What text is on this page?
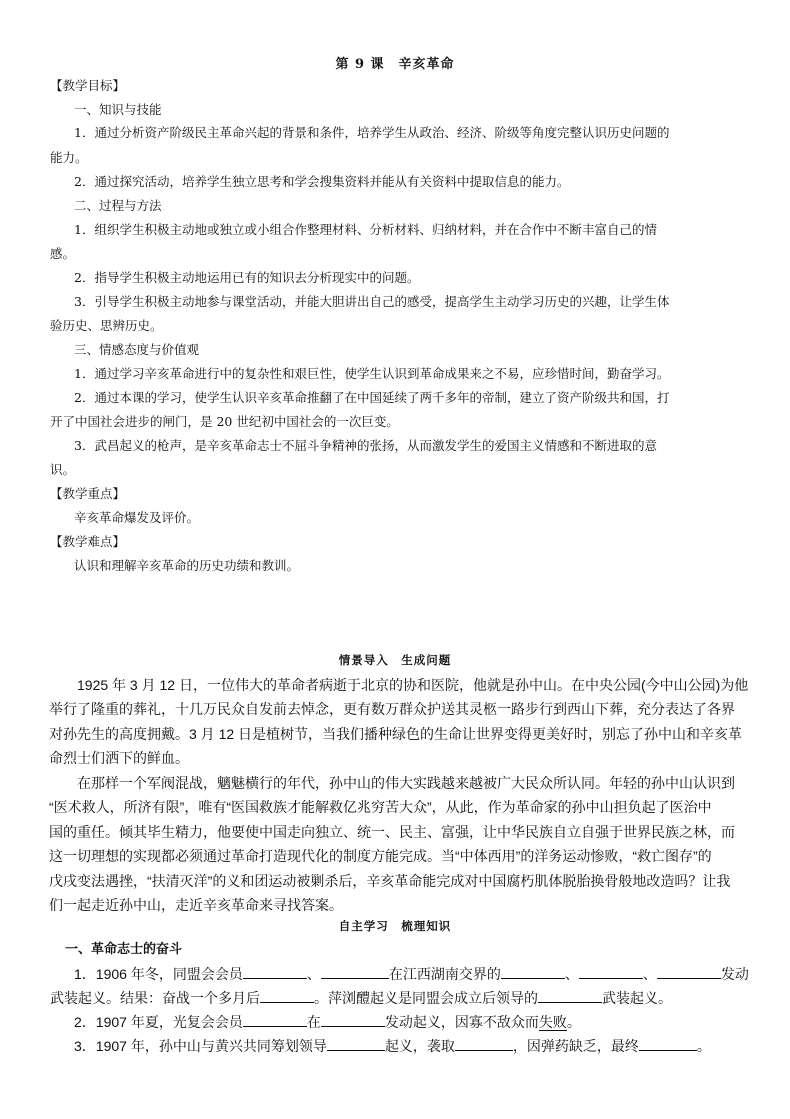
第 9 课　辛亥革命
【教学目标】
一、知识与技能
1．通过分析资产阶级民主革命兴起的背景和条件，培养学生从政治、经济、阶级等角度完整认识历史问题的
能力。
2．通过探究活动，培养学生独立思考和学会搜集资料并能从有关资料中提取信息的能力。
二、过程与方法
1．组织学生积极主动地或独立或小组合作整理材料、分析材料、归纳材料，并在合作中不断丰富自己的情
感。
2．指导学生积极主动地运用已有的知识去分析现实中的问题。
3．引导学生积极主动地参与课堂活动，并能大胆讲出自己的感受，提高学生主动学习历史的兴趣，让学生体
验历史、思辨历史。
三、情感态度与价值观
1．通过学习辛亥革命进行中的复杂性和艰巨性，使学生认识到革命成果来之不易，应珍惜时间，勤奋学习。
2．通过本课的学习，使学生认识辛亥革命推翻了在中国延续了两千多年的帝制，建立了资产阶级共和国，打
开了中国社会进步的闸门，是 20 世纪初中国社会的一次巨变。
3．武昌起义的枪声，是辛亥革命志士不屈斗争精神的张扬，从而激发学生的爱国主义情感和不断进取的意
识。
【教学重点】
辛亥革命爆发及评价。
【教学难点】
认识和理解辛亥革命的历史功绩和教训。
情景导入　生成问题
1925 年 3 月 12 日，一位伟大的革命者病逝于北京的协和医院，他就是孙中山。在中央公园(今中山公园)为他
举行了隆重的葬礼，十几万民众自发前去悼念，更有数万群众护送其灵柩一路步行到西山下葬，充分表达了各界
对孙先生的高度拥戴。3 月 12 日是植树节，当我们播种绿色的生命让世界变得更美好时，别忘了孙中山和辛亥革
命烈士们洒下的鲜血。
在那样一个军阀混战，魑魅横行的年代，孙中山的伟大实践越来越被广大民众所认同。年轻的孙中山认识到
“医术救人，所济有限”，唯有“医国救族才能解救亿兆穷苦大众”，从此，作为革命家的孙中山担负起了医治中
国的重任。倾其毕生精力，他要使中国走向独立、统一、民主、富强，让中华民族自立自强于世界民族之林，而
这一切理想的实现都必须通过革命打造现代化的制度方能完成。当“中体西用”的洋务运动惨败，“救亡图存”的
戊戌变法遇挫，“扶清灭洋”的义和团运动被剿杀后，辛亥革命能完成对中国腐朽肌体脱胎换骨般地改造吗？让我
们一起走近孙中山，走近辛亥革命来寻找答案。
自主学习　梳理知识
一、革命志士的奋斗
1．1906 年冬，同盟会会员	、	在江西湖南交界的	、	、	发动
武装起义。结果：奋战一个多月后	。萍浏醴起义是同盟会成立后领导的	武装起义。
2．1907 年夏，光复会会员	在	发动起义，因寡不敌众而失败。
3．1907 年，孙中山与黄兴共同筹划领导	起义，袭取	，因弹药缺乏，最终	。
